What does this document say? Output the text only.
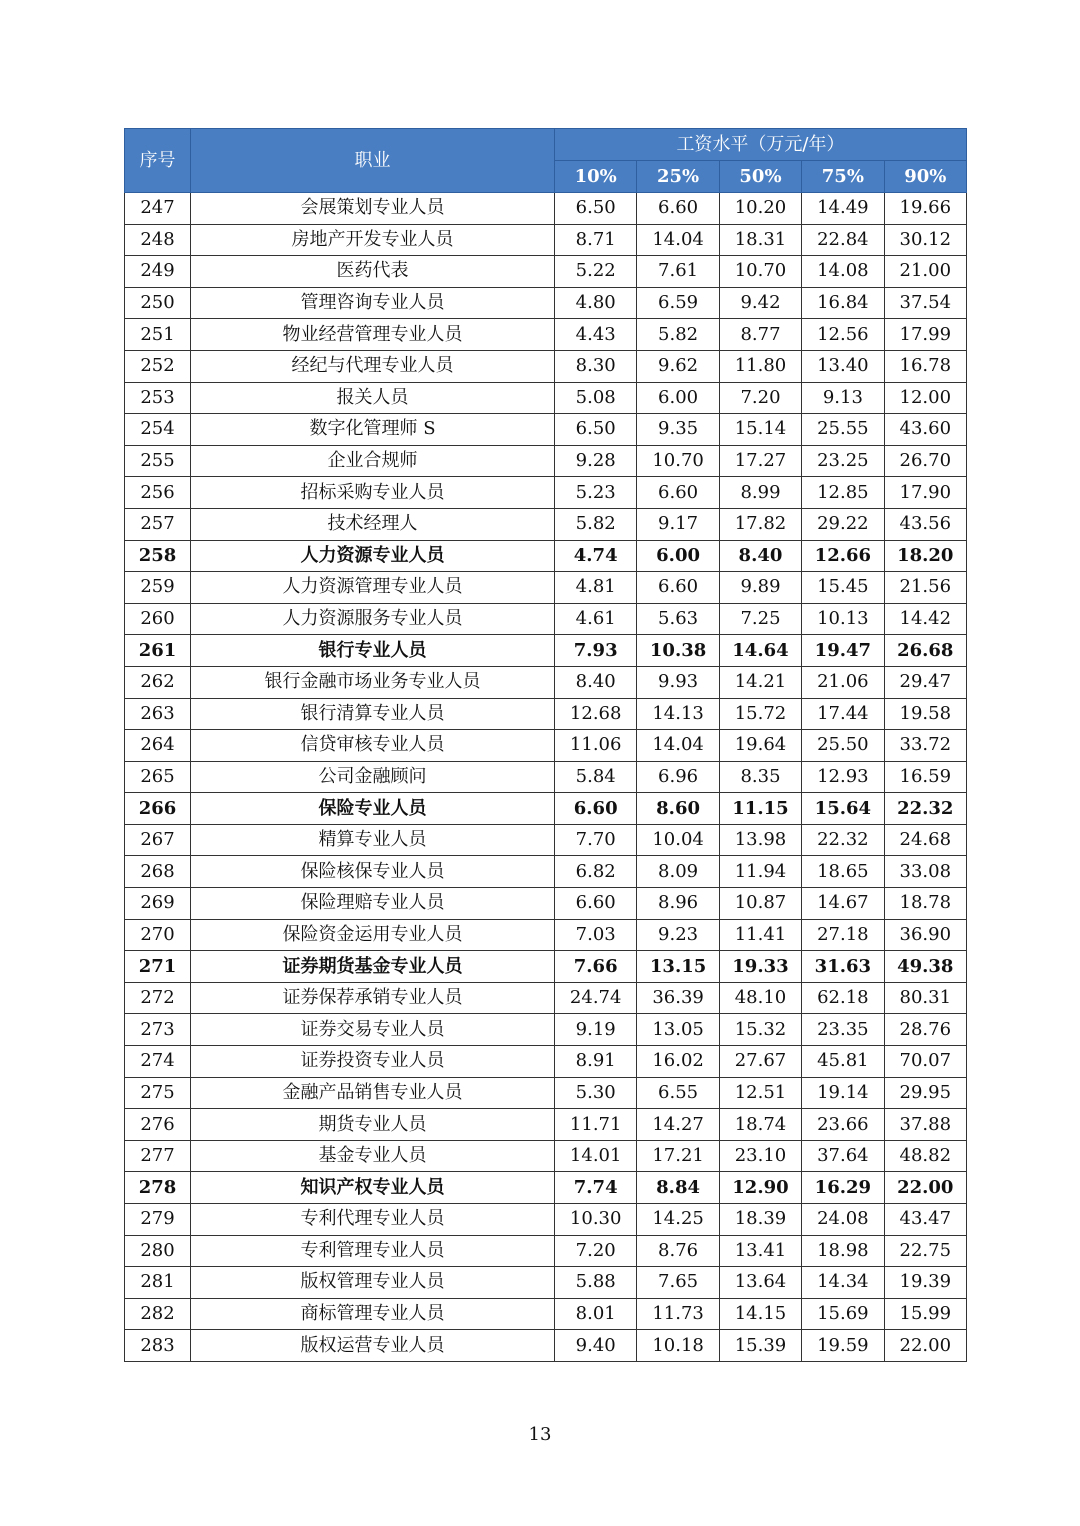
序号	职业	工资水平（万元/年）				
		10%	25%	50%	75%	90%
247	会展策划专业人员	6.50	6.60	10.20	14.49	19.66
248	房地产开发专业人员	8.71	14.04	18.31	22.84	30.12
249	医药代表	5.22	7.61	10.70	14.08	21.00
250	管理咨询专业人员	4.80	6.59	9.42	16.84	37.54
251	物业经营管理专业人员	4.43	5.82	8.77	12.56	17.99
252	经纪与代理专业人员	8.30	9.62	11.80	13.40	16.78
253	报关人员	5.08	6.00	7.20	9.13	12.00
254	数字化管理师 S	6.50	9.35	15.14	25.55	43.60
255	企业合规师	9.28	10.70	17.27	23.25	26.70
256	招标采购专业人员	5.23	6.60	8.99	12.85	17.90
257	技术经理人	5.82	9.17	17.82	29.22	43.56
258	人力资源专业人员	4.74	6.00	8.40	12.66	18.20
259	人力资源管理专业人员	4.81	6.60	9.89	15.45	21.56
260	人力资源服务专业人员	4.61	5.63	7.25	10.13	14.42
261	银行专业人员	7.93	10.38	14.64	19.47	26.68
262	银行金融市场业务专业人员	8.40	9.93	14.21	21.06	29.47
263	银行清算专业人员	12.68	14.13	15.72	17.44	19.58
264	信贷审核专业人员	11.06	14.04	19.64	25.50	33.72
265	公司金融顾问	5.84	6.96	8.35	12.93	16.59
266	保险专业人员	6.60	8.60	11.15	15.64	22.32
267	精算专业人员	7.70	10.04	13.98	22.32	24.68
268	保险核保专业人员	6.82	8.09	11.94	18.65	33.08
269	保险理赔专业人员	6.60	8.96	10.87	14.67	18.78
270	保险资金运用专业人员	7.03	9.23	11.41	27.18	36.90
271	证券期货基金专业人员	7.66	13.15	19.33	31.63	49.38
272	证券保荐承销专业人员	24.74	36.39	48.10	62.18	80.31
273	证券交易专业人员	9.19	13.05	15.32	23.35	28.76
274	证券投资专业人员	8.91	16.02	27.67	45.81	70.07
275	金融产品销售专业人员	5.30	6.55	12.51	19.14	29.95
276	期货专业人员	11.71	14.27	18.74	23.66	37.88
277	基金专业人员	14.01	17.21	23.10	37.64	48.82
278	知识产权专业人员	7.74	8.84	12.90	16.29	22.00
279	专利代理专业人员	10.30	14.25	18.39	24.08	43.47
280	专利管理专业人员	7.20	8.76	13.41	18.98	22.75
281	版权管理专业人员	5.88	7.65	13.64	14.34	19.39
282	商标管理专业人员	8.01	11.73	14.15	15.69	15.99
283	版权运营专业人员	9.40	10.18	15.39	19.59	22.00
13
